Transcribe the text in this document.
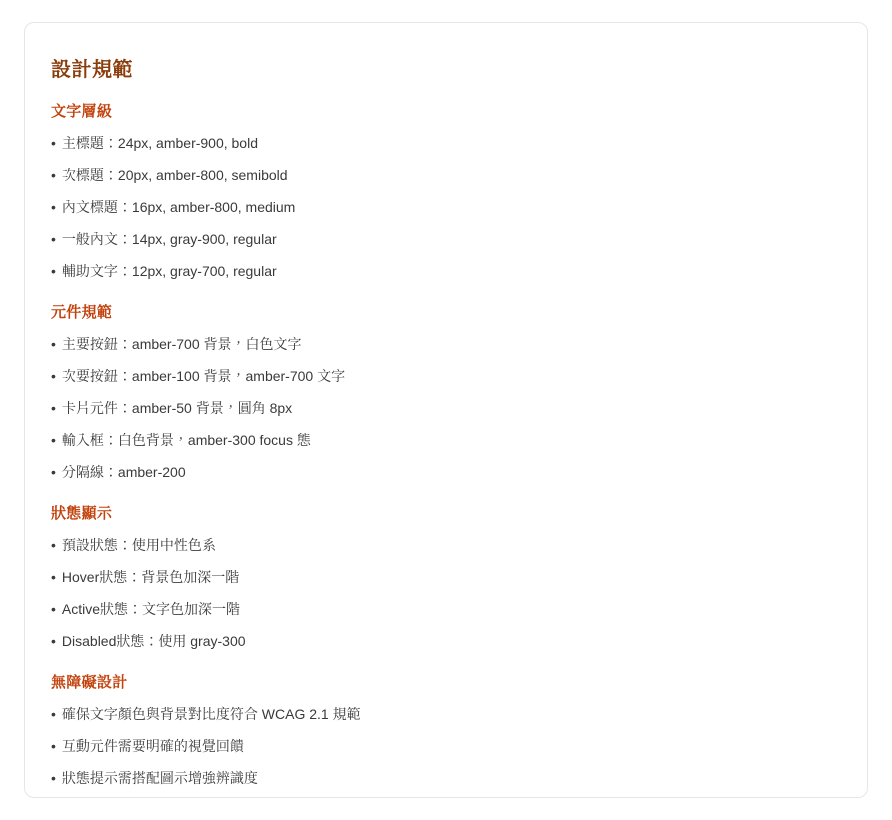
設計規範
文字層級
• 主標題：24px, amber-900, bold
• 次標題：20px, amber-800, semibold
• 內文標題：16px, amber-800, medium
• 一般內文：14px, gray-900, regular
• 輔助文字：12px, gray-700, regular
元件規範
• 主要按鈕：amber-700 背景，白色文字
• 次要按鈕：amber-100 背景，amber-700 文字
• 卡片元件：amber-50 背景，圓角 8px
• 輸入框：白色背景，amber-300 focus 態
• 分隔線：amber-200
狀態顯示
• 預設狀態：使用中性色系
• Hover狀態：背景色加深一階
• Active狀態：文字色加深一階
• Disabled狀態：使用 gray-300
無障礙設計
• 確保文字顏色與背景對比度符合 WCAG 2.1 規範
• 互動元件需要明確的視覺回饋
• 狀態提示需搭配圖示增強辨識度
